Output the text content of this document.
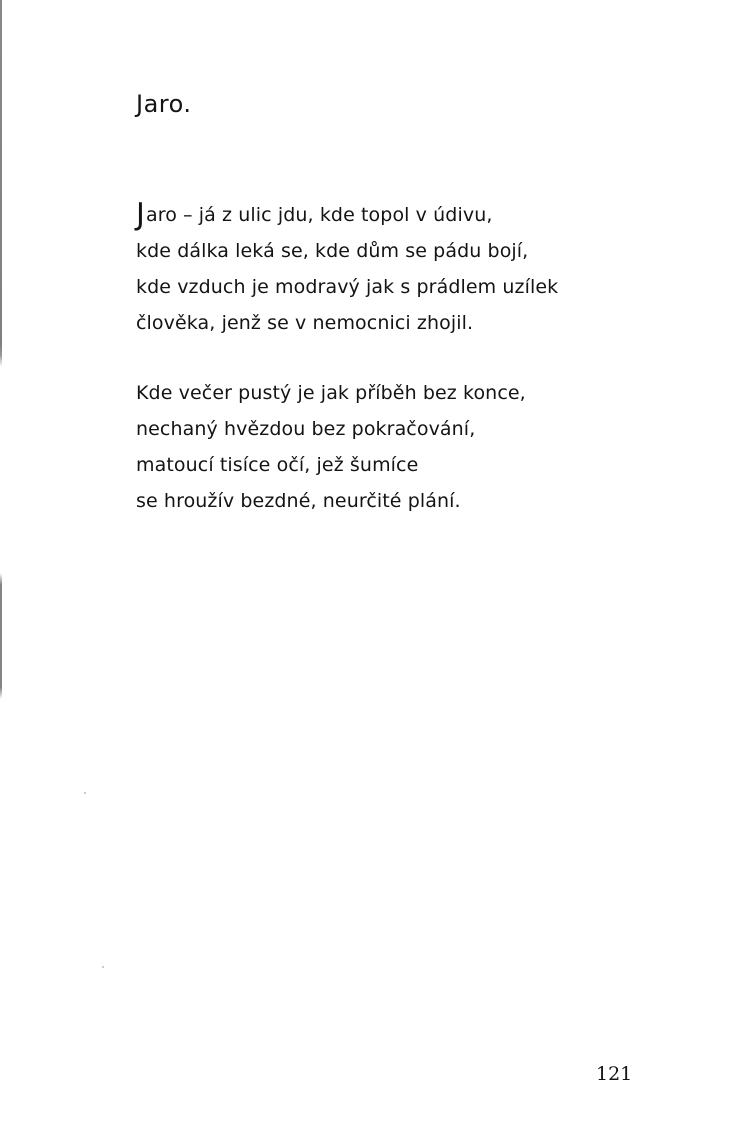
Jaro.
Jaro – já z ulic jdu, kde topol v údivu,
kde dálka leká se, kde dům se pádu bojí,
kde vzduch je modravý jak s prádlem uzílek
člověka, jenž se v nemocnici zhojil.
Kde večer pustý je jak příběh bez konce,
nechaný hvězdou bez pokračování,
matoucí tisíce očí, jež šumíce
se hroužív bezdné, neurčité plání.

121
